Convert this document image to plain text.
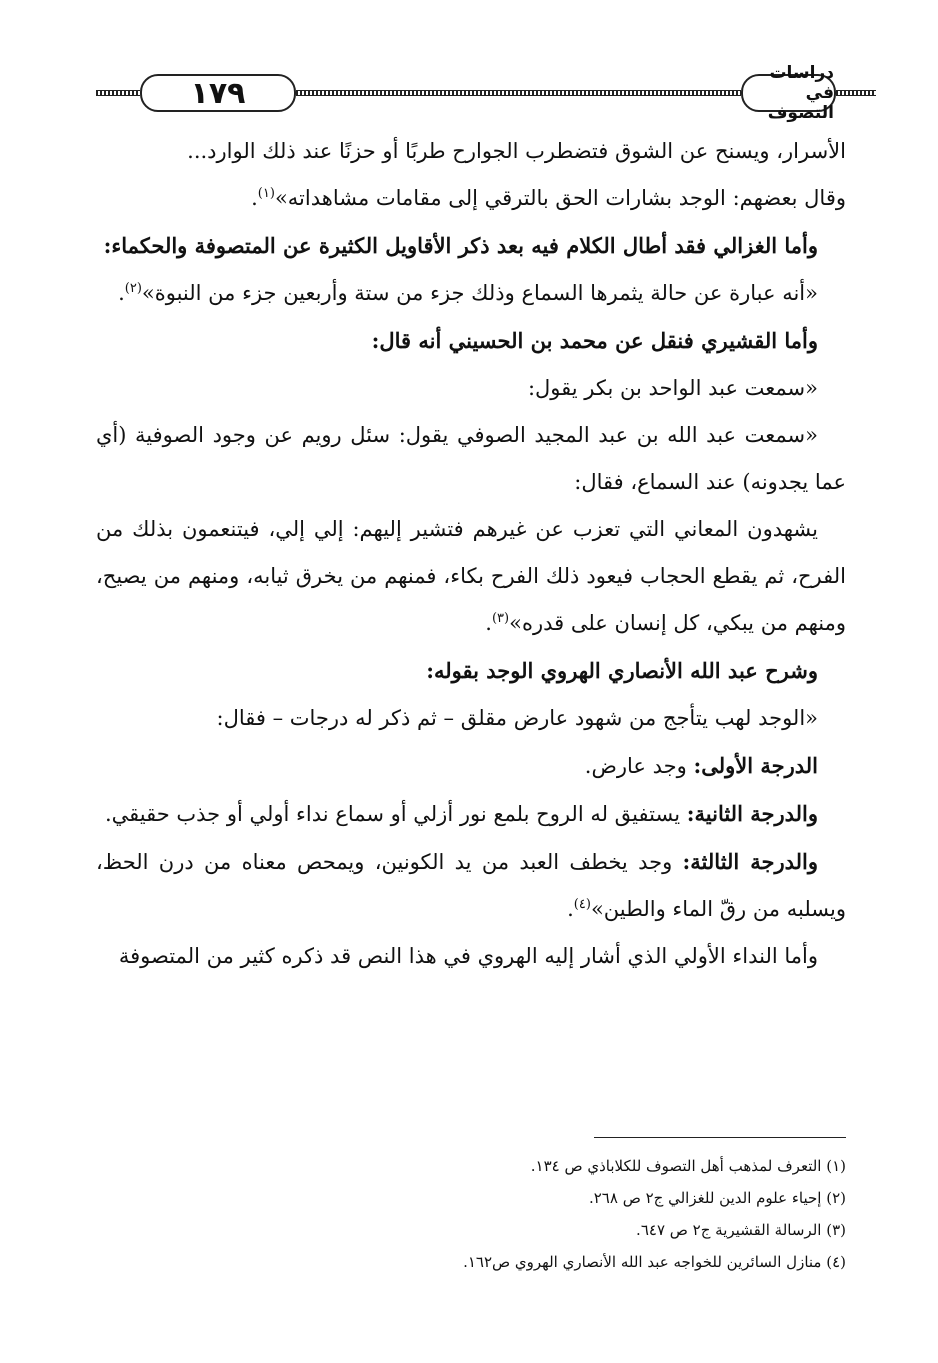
١٧٩
دراسات في التصوف

الأسرار، ويسنح عن الشوق فتضطرب الجوارح طربًا أو حزنًا عند ذلك الوارد...

وقال بعضهم: الوجد بشارات الحق بالترقي إلى مقامات مشاهداته»$^{(١)}$.

وأما الغزالي فقد أطال الكلام فيه بعد ذكر الأقاويل الكثيرة عن المتصوفة والحكماء:

«أنه عبارة عن حالة يثمرها السماع وذلك جزء من ستة وأربعين جزء من النبوة»$^{(٢)}$.

وأما القشيري فنقل عن محمد بن الحسيني أنه قال:

«سمعت عبد الواحد بن بكر يقول:

«سمعت عبد الله بن عبد المجيد الصوفي يقول: سئل رويم عن وجود الصوفية (أي عما يجدونه) عند السماع، فقال:

يشهدون المعاني التي تعزب عن غيرهم فتشير إليهم: إلي إلي، فيتنعمون بذلك من الفرح، ثم يقطع الحجاب فيعود ذلك الفرح بكاء، فمنهم من يخرق ثيابه، ومنهم من يصيح، ومنهم من يبكي، كل إنسان على قدره»$^{(٣)}$.

وشرح عبد الله الأنصاري الهروي الوجد بقوله:

«الوجد لهب يتأجج من شهود عارض مقلق – ثم ذكر له درجات – فقال:

الدرجة الأولى: وجد عارض.

والدرجة الثانية: يستفيق له الروح بلمع نور أزلي أو سماع نداء أولي أو جذب حقيقي.

والدرجة الثالثة: وجد يخطف العبد من يد الكونين، ويمحص معناه من درن الحظ، ويسلبه من رقّ الماء والطين»$^{(٤)}$.

وأما النداء الأولي الذي أشار إليه الهروي في هذا النص قد ذكره كثير من المتصوفة

(١) التعرف لمذهب أهل التصوف للكلاباذي ص ١٣٤.

(٢) إحياء علوم الدين للغزالي ج٢ ص ٢٦٨.

(٣) الرسالة القشيرية ج٢ ص ٦٤٧.

(٤) منازل السائرين للخواجه عبد الله الأنصاري الهروي ص١٦٢.
